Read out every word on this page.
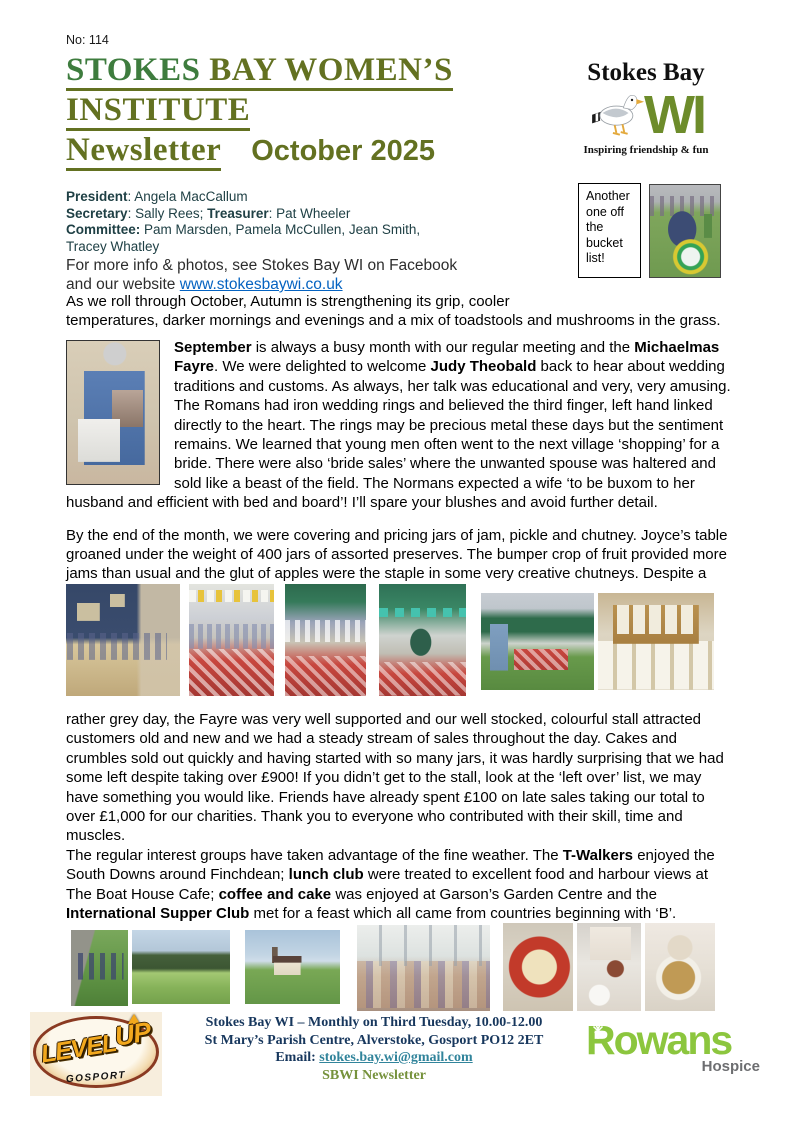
No: 114
STOKES BAY WOMEN’S
INSTITUTE
Newsletter October 2025
Stokes Bay
WI
Inspiring friendship & fun
President: Angela MacCallum
Secretary: Sally Rees; Treasurer: Pat Wheeler
Committee: Pam Marsden, Pamela McCullen, Jean Smith,
Tracey Whatley
For more info & photos, see Stokes Bay WI on Facebook
and our website www.stokesbaywi.co.uk
Another one off the bucket list!
As we roll through October, Autumn is strengthening its grip, cooler
temperatures, darker mornings and evenings and a mix of toadstools and mushrooms in the grass.

September is always a busy month with our regular meeting and the Michaelmas Fayre. We were delighted to welcome Judy Theobald back to hear about wedding traditions and customs. As always, her talk was educational and very, very amusing. The Romans had iron wedding rings and believed the third finger, left hand linked directly to the heart. The rings may be precious metal these days but the sentiment remains. We learned that young men often went to the next village ‘shopping’ for a bride. There were also ‘bride sales’ where the unwanted spouse was haltered and sold like a beast of the field. The Normans expected a wife ‘to be buxom to her husband and efficient with bed and board’! I’ll spare your blushes and avoid further detail.

By the end of the month, we were covering and pricing jars of jam, pickle and chutney. Joyce’s table groaned under the weight of 400 jars of assorted preserves. The bumper crop of fruit provided more jams than usual and the glut of apples were the staple in some very creative chutneys. Despite a

rather grey day, the Fayre was very well supported and our well stocked, colourful stall attracted customers old and new and we had a steady stream of sales throughout the day. Cakes and crumbles sold out quickly and having started with so many jars, it was hardly surprising that we had some left despite taking over £900! If you didn’t get to the stall, look at the ‘left over’ list, we may have something you would like. Friends have already spent £100 on late sales taking our total to over £1,000 for our charities. Thank you to everyone who contributed with their skill, time and muscles.

The regular interest groups have taken advantage of the fine weather. The T-Walkers enjoyed the South Downs around Finchdean; lunch club were treated to excellent food and harbour views at The Boat House Cafe; coffee and cake was enjoyed at Garson’s Garden Centre and the International Supper Club met for a feast which all came from countries beginning with ‘B’.

LEVELUP
GOSPORT
Stokes Bay WI – Monthly on Third Tuesday, 10.00-12.00
St Mary’s Parish Centre, Alverstoke, Gosport PO12 2ET
Email: stokes.bay.wi@gmail.com
SBWI Newsletter
Rowans
Hospice
